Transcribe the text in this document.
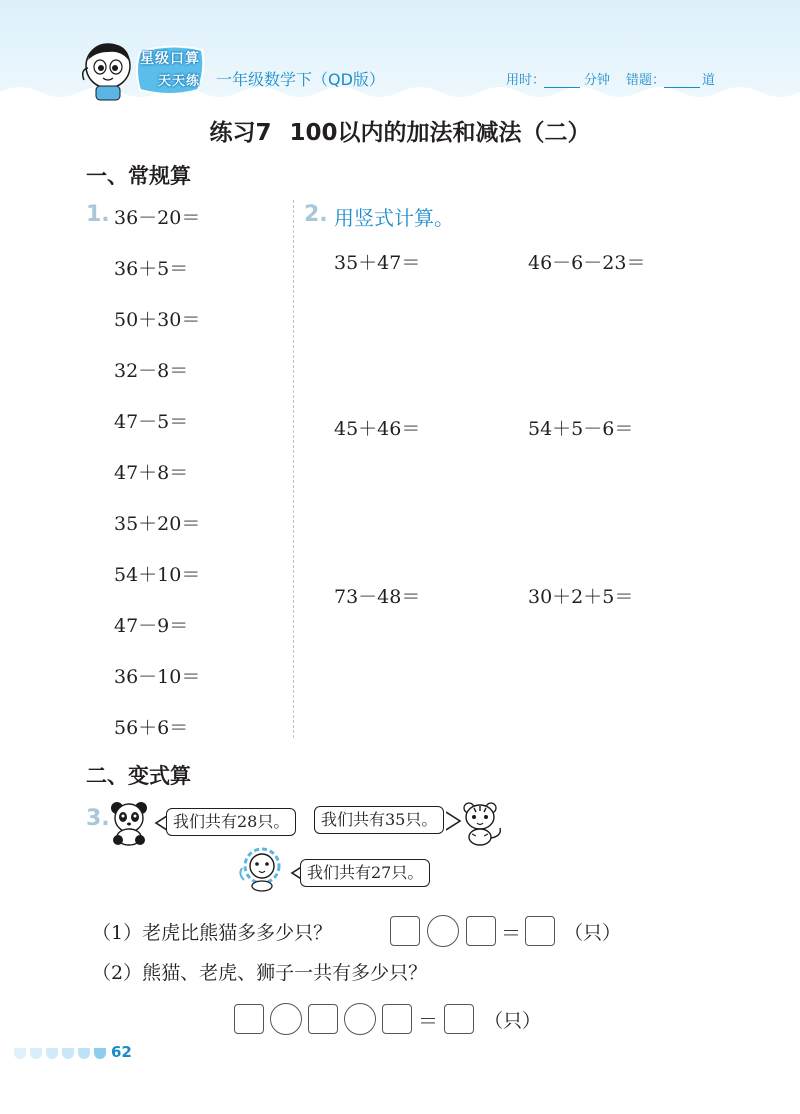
星级口算
天天练 一年级数学下（QD版）	用时：	分钟 错题：	道
练习7 100以内的加法和减法（二）
一、常规算
1. 36－20＝
36＋5＝
50＋30＝
32－8＝
47－5＝
47＋8＝
35＋20＝
54＋10＝
47－9＝
36－10＝
56＋6＝
2. 用竖式计算。
35＋47＝	46－6－23＝
45＋46＝	54＋5－6＝
73－48＝	30＋2＋5＝
二、变式算
3.	我们共有28只。	我们共有35只。
我们共有27只。
（1）老虎比熊猫多多少只？	＝ （只）
（2）熊猫、老虎、狮子一共有多少只？
＝ （只）
62
